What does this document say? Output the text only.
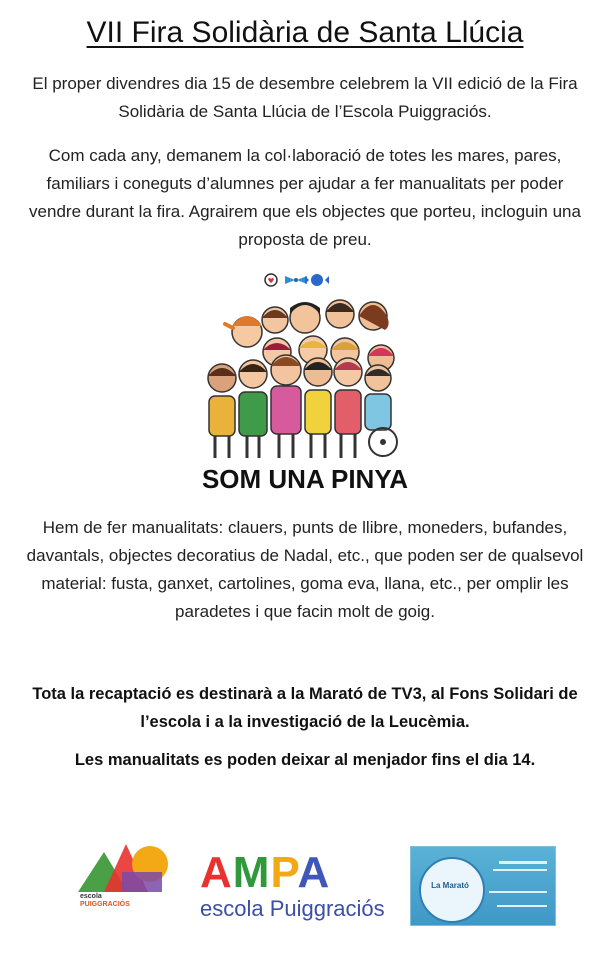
VII Fira Solidària de Santa Llúcia
El proper divendres dia 15 de desembre celebrem la VII edició de la Fira Solidària de Santa Llúcia de l’Escola Puiggraciós.
Com cada any, demanem la col·laboració de totes les mares, pares, familiars i coneguts d’alumnes per ajudar a fer manualitats per poder vendre durant la fira. Agrairem que els objectes que porteu, incloguin una proposta de preu.
SOM UNA PINYA
Hem de fer manualitats: clauers, punts de llibre, moneders, bufandes, davantals, objectes decoratius de Nadal, etc., que poden ser de qualsevol material: fusta, ganxet, cartolines, goma eva, llana, etc., per omplir les paradetes i que facin molt de goig.
Tota la recaptació es destinarà a la Marató de TV3, al Fons Solidari de l’escola i a la investigació de la Leucèmia.
Les manualitats es poden deixar al menjador fins el dia 14.
escola
PUIGGRACIÓS
AMPA
escola Puiggraciós
La Marató
